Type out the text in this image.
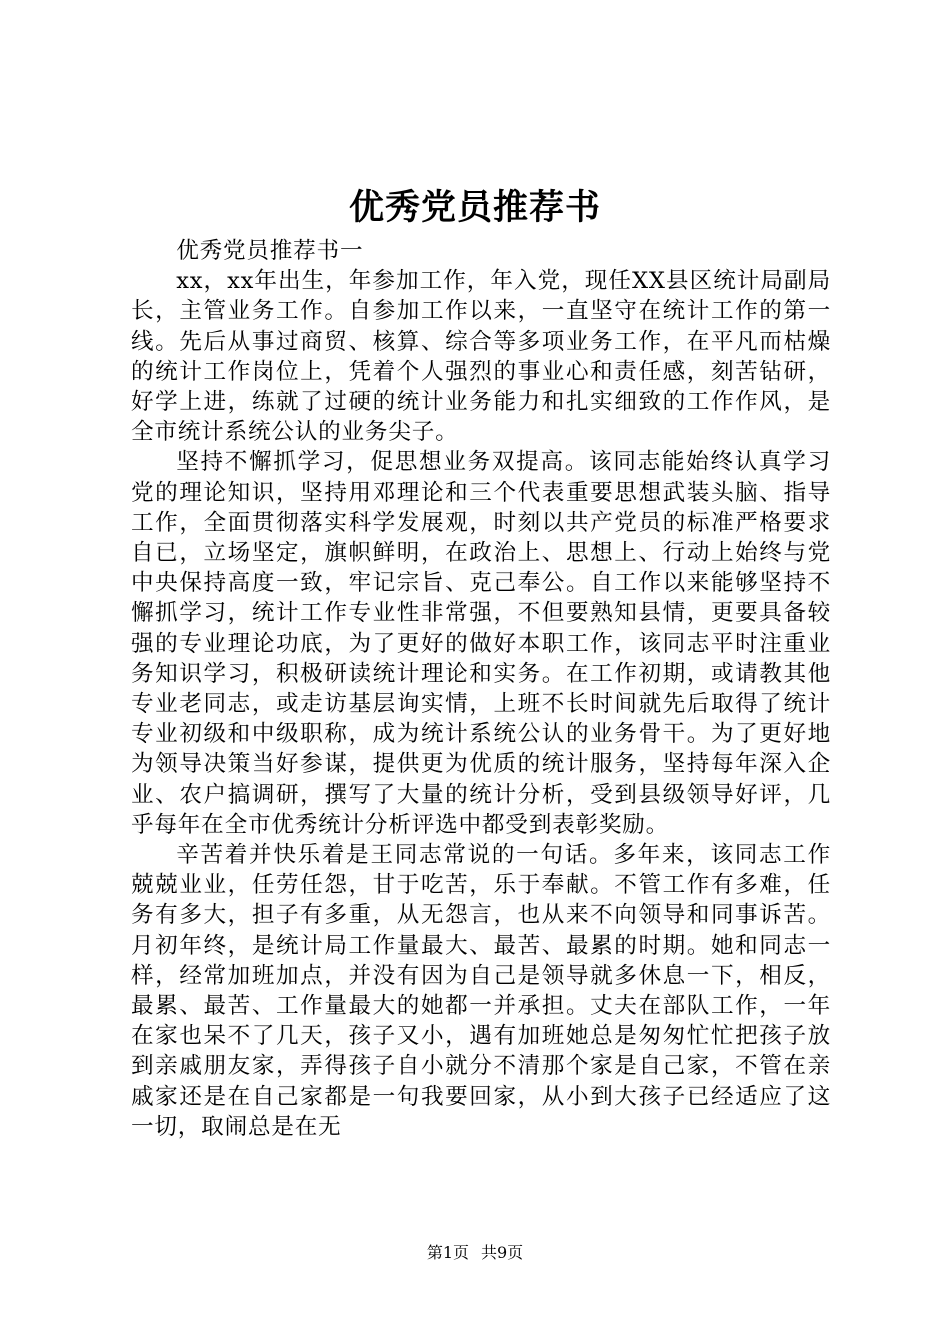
优秀党员推荐书

优秀党员推荐书一

xx，xx年出生，年参加工作，年入党，现任XX县区统计局副局长，主管业务工作。自参加工作以来，一直坚守在统计工作的第一线。先后从事过商贸、核算、综合等多项业务工作，在平凡而枯燥的统计工作岗位上，凭着个人强烈的事业心和责任感，刻苦钻研，好学上进，练就了过硬的统计业务能力和扎实细致的工作作风，是全市统计系统公认的业务尖子。

坚持不懈抓学习，促思想业务双提高。该同志能始终认真学习党的理论知识，坚持用邓理论和三个代表重要思想武装头脑、指导工作，全面贯彻落实科学发展观，时刻以共产党员的标准严格要求自已，立场坚定，旗帜鲜明，在政治上、思想上、行动上始终与党中央保持高度一致，牢记宗旨、克己奉公。自工作以来能够坚持不懈抓学习，统计工作专业性非常强，不但要熟知县情，更要具备较强的专业理论功底，为了更好的做好本职工作，该同志平时注重业务知识学习，积极研读统计理论和实务。在工作初期，或请教其他专业老同志，或走访基层询实情，上班不长时间就先后取得了统计专业初级和中级职称，成为统计系统公认的业务骨干。为了更好地为领导决策当好参谋，提供更为优质的统计服务，坚持每年深入企业、农户搞调研，撰写了大量的统计分析，受到县级领导好评，几乎每年在全市优秀统计分析评选中都受到表彰奖励。

辛苦着并快乐着是王同志常说的一句话。多年来，该同志工作兢兢业业，任劳任怨，甘于吃苦，乐于奉献。不管工作有多难，任务有多大，担子有多重，从无怨言，也从来不向领导和同事诉苦。月初年终，是统计局工作量最大、最苦、最累的时期。她和同志一样，经常加班加点，并没有因为自己是领导就多休息一下，相反，最累、最苦、工作量最大的她都一并承担。丈夫在部队工作，一年在家也呆不了几天，孩子又小，遇有加班她总是匆匆忙忙把孩子放到亲戚朋友家，弄得孩子自小就分不清那个家是自己家，不管在亲戚家还是在自己家都是一句我要回家，从小到大孩子已经适应了这一切，取闹总是在无

第1页 共9页
